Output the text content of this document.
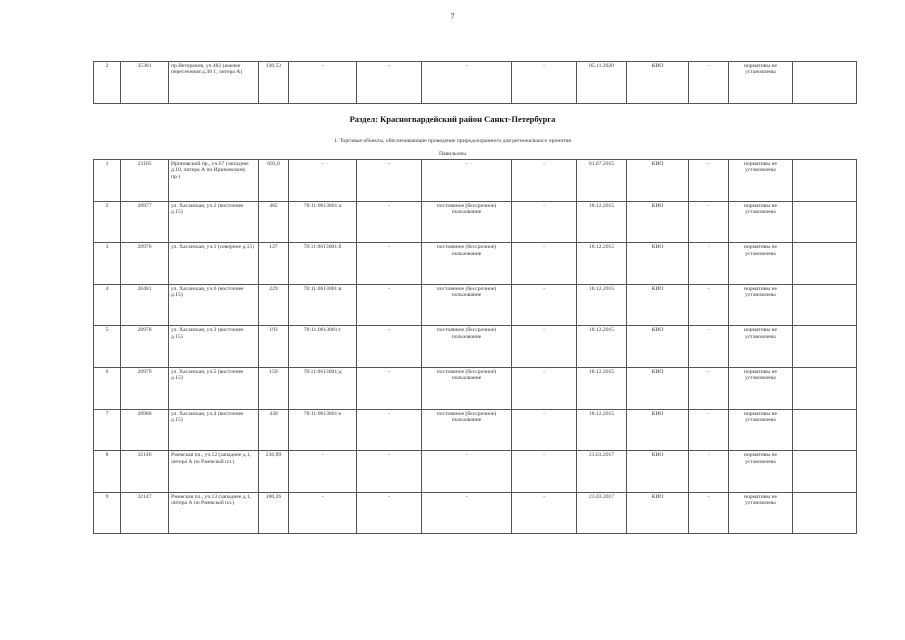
7
2	35381	пр.Ветеранов, уч.482 (южнее пересечения д.38 1, литера А)	130,53	-	-	-	-	05.11.2020	КИО	-	нормативы не установлены	
Раздел: Красногвардейский район Санкт-Петербурга
1. Торговые объекты, обеспечивающие проведение природоохранного для регионального принятия
Павильоны
1	23105	Ириновский пр., уч.67 (западнее д.10, литера А по Ириновскому пр.)	692,0	-	-	-	-	01.07.2015	КИО	-	нормативы не установлены	
2	28977	ул. Хасанская, уч.2 (восточнее д.15)	482	78:11:0613001:а	-	постоянное (бессрочное) пользование	-	18.12.2015	КИО	-	нормативы не установлены	
3	28976	ул. Хасанская, уч.1 (северное д.15)	127	78:11:0613001:б	-	постоянное (бессрочное) пользование	-	18.12.2015	КИО	-	нормативы не установлены	
4	28481	ул. Хасанская, уч.6 (восточнее д.15)	229	78:11:0613001:в	-	постоянное (бессрочное) пользование	-	18.12.2015	КИО	-	нормативы не установлены	
5	28978	ул. Хасанская, уч.3 (восточнее д.15)	193	78:11:0613001:г	-	постоянное (бессрочное) пользование	-	18.12.2015	КИО	-	нормативы не установлены	
6	28979	ул. Хасанская, уч.5 (восточнее д.15)	159	78:11:0613001:д	-	постоянное (бессрочное) пользование	-	18.12.2015	КИО	-	нормативы не установлены	
7	28980	ул. Хасанская, уч.4 (восточнее д.15)	430	78:11:0613001:е	-	постоянное (бессрочное) пользование	-	18.12.2015	КИО	-	нормативы не установлены	
8	32146	Ржевская пл., уч.12 (западнее д.1, литера А по Ржевской пл.)	236,89	-	-	-	-	23.03.2017	КИО	-	нормативы не установлены	
9	32147	Ржевская пл., уч.13 (западнее д.1, литера А по Ржевской пл.)	100,26	-	-	-	-	23.03.2017	КИО	-	нормативы не установлены	
